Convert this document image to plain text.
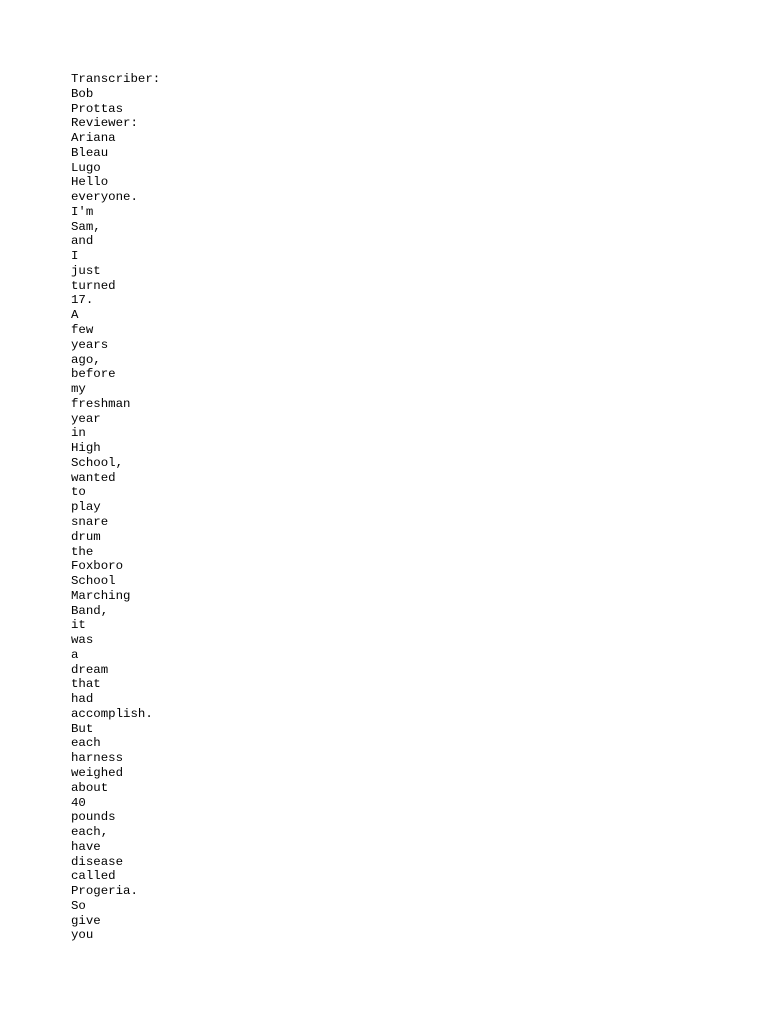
Transcriber:
Bob
Prottas
Reviewer:
Ariana
Bleau
Lugo
Hello
everyone.
I'm
Sam,
and
I
just
turned
17.
A
few
years
ago,
before
my
freshman
year
in
High
School,
wanted
to
play
snare
drum
the
Foxboro
School
Marching
Band,
it
was
a
dream
that
had
accomplish.
But
each
harness
weighed
about
40
pounds
each,
have
disease
called
Progeria.
So
give
you
